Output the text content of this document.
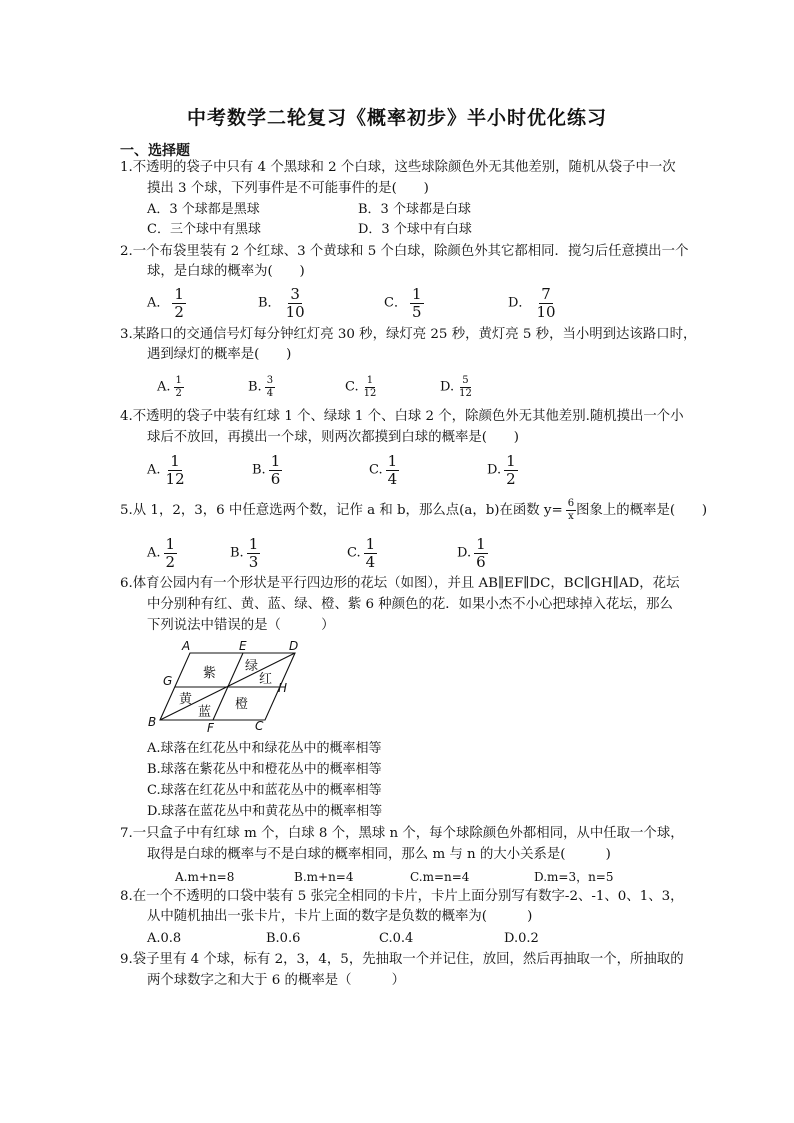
中考数学二轮复习《概率初步》半小时优化练习
一、选择题
1.不透明的袋子中只有 4 个黑球和 2 个白球，这些球除颜色外无其他差别，随机从袋子中一次
摸出 3 个球，下列事件是不可能事件的是(　　)
A．3 个球都是黑球	B．3 个球都是白球
C．三个球中有黑球	D．3 个球中有白球
2.一个布袋里装有 2 个红球、3 个黄球和 5 个白球，除颜色外其它都相同．搅匀后任意摸出一个
球，是白球的概率为(　　)
A． $\frac{1}{2}$	B． $\frac{3}{10}$	C． $\frac{1}{5}$	D． $\frac{7}{10}$
3.某路口的交通信号灯每分钟红灯亮 30 秒，绿灯亮 25 秒，黄灯亮 5 秒，当小明到达该路口时，
遇到绿灯的概率是(　　)
A. $\frac{1}{2}$	B. $\frac{3}{4}$	C. $\frac{1}{12}$	D. $\frac{5}{12}$
4.不透明的袋子中装有红球 1 个、绿球 1 个、白球 2 个，除颜色外无其他差别.随机摸出一个小
球后不放回，再摸出一个球，则两次都摸到白球的概率是(　　)
A. $\frac{1}{12}$	B. $\frac{1}{6}$	C. $\frac{1}{4}$	D. $\frac{1}{2}$
5.从 1，2，3，6 中任意选两个数，记作 a 和 b，那么点(a，b)在函数 $y= \frac{6}{x}$ 图象上的概率是(　　)
A. $\frac{1}{2}$	B. $\frac{1}{3}$	C. $\frac{1}{4}$	D. $\frac{1}{6}$
6.体育公园内有一个形状是平行四边形的花坛（如图），并且 AB∥EF∥DC，BC∥GH∥AD，花坛
中分别种有红、黄、蓝、绿、橙、紫 6 种颜色的花．如果小杰不小心把球掉入花坛，那么
下列说法中错误的是（　　　）
A	E	D
G	H
B	F	C
紫 绿
红
黄
蓝
橙
A.球落在红花丛中和绿花丛中的概率相等
B.球落在紫花丛中和橙花丛中的概率相等
C.球落在红花丛中和蓝花丛中的概率相等
D.球落在蓝花丛中和黄花丛中的概率相等
7.一只盒子中有红球 m 个，白球 8 个，黑球 n 个，每个球除颜色外都相同，从中任取一个球，
取得是白球的概率与不是白球的概率相同，那么 m 与 n 的大小关系是(　　　)
A.m+n=8	B.m+n=4	C.m=n=4	D.m=3，n=5
8.在一个不透明的口袋中装有 5 张完全相同的卡片，卡片上面分别写有数字-2、-1、0、1、3，
从中随机抽出一张卡片，卡片上面的数字是负数的概率为(　　　)
A.0.8	B.0.6	C.0.4	D.0.2
9.袋子里有 4 个球，标有 2，3，4，5，先抽取一个并记住，放回，然后再抽取一个，所抽取的
两个球数字之和大于 6 的概率是（　　　）
